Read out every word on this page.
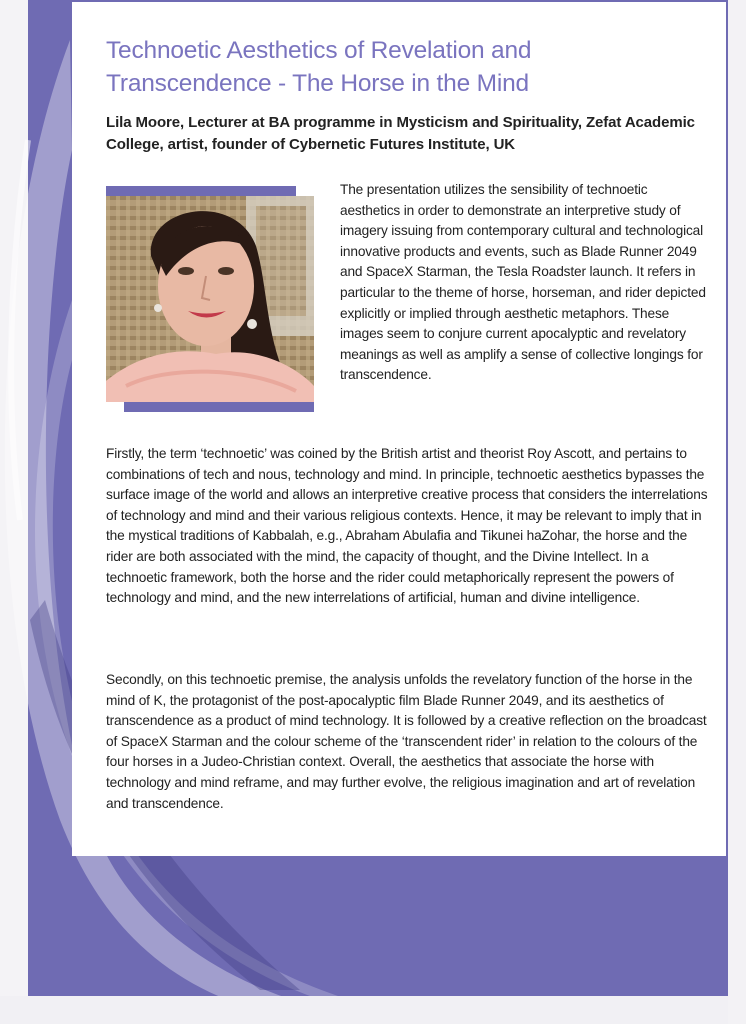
Technoetic Aesthetics of Revelation and Transcendence - The Horse in the Mind

Lila Moore, Lecturer at BA programme in Mysticism and Spirituality, Zefat Academic College, artist, founder of Cybernetic Futures Institute, UK

The presentation utilizes the sensibility of technoetic aesthetics in order to demonstrate an interpretive study of imagery issuing from contemporary cultural and technological innovative products and events, such as Blade Runner 2049 and SpaceX Starman, the Tesla Roadster launch. It refers in particular to the theme of horse, horseman, and rider depicted explicitly or implied through aesthetic metaphors. These images seem to conjure current apocalyptic and revelatory meanings as well as amplify a sense of collective longings for transcendence.

Firstly, the term ‘technoetic’ was coined by the British artist and theorist Roy Ascott, and pertains to combinations of tech and nous, technology and mind. In principle, technoetic aesthetics bypasses the surface image of the world and allows an interpretive creative process that considers the interrelations of technology and mind and their various religious contexts. Hence, it may be relevant to imply that in the mystical traditions of Kabbalah, e.g., Abraham Abulafia and Tikunei haZohar, the horse and the rider are both associated with the mind, the capacity of thought, and the Divine Intellect. In a technoetic framework, both the horse and the rider could metaphorically represent the powers of technology and mind, and the new interrelations of artificial, human and divine intelligence.

Secondly, on this technoetic premise, the analysis unfolds the revelatory function of the horse in the mind of K, the protagonist of the post-apocalyptic film Blade Runner 2049, and its aesthetics of transcendence as a product of mind technology. It is followed by a creative reflection on the broadcast of SpaceX Starman and the colour scheme of the ‘transcendent rider’ in relation to the colours of the four horses in a Judeo-Christian context. Overall, the aesthetics that associate the horse with technology and mind reframe, and may further evolve, the religious imagination and art of revelation and transcendence.
